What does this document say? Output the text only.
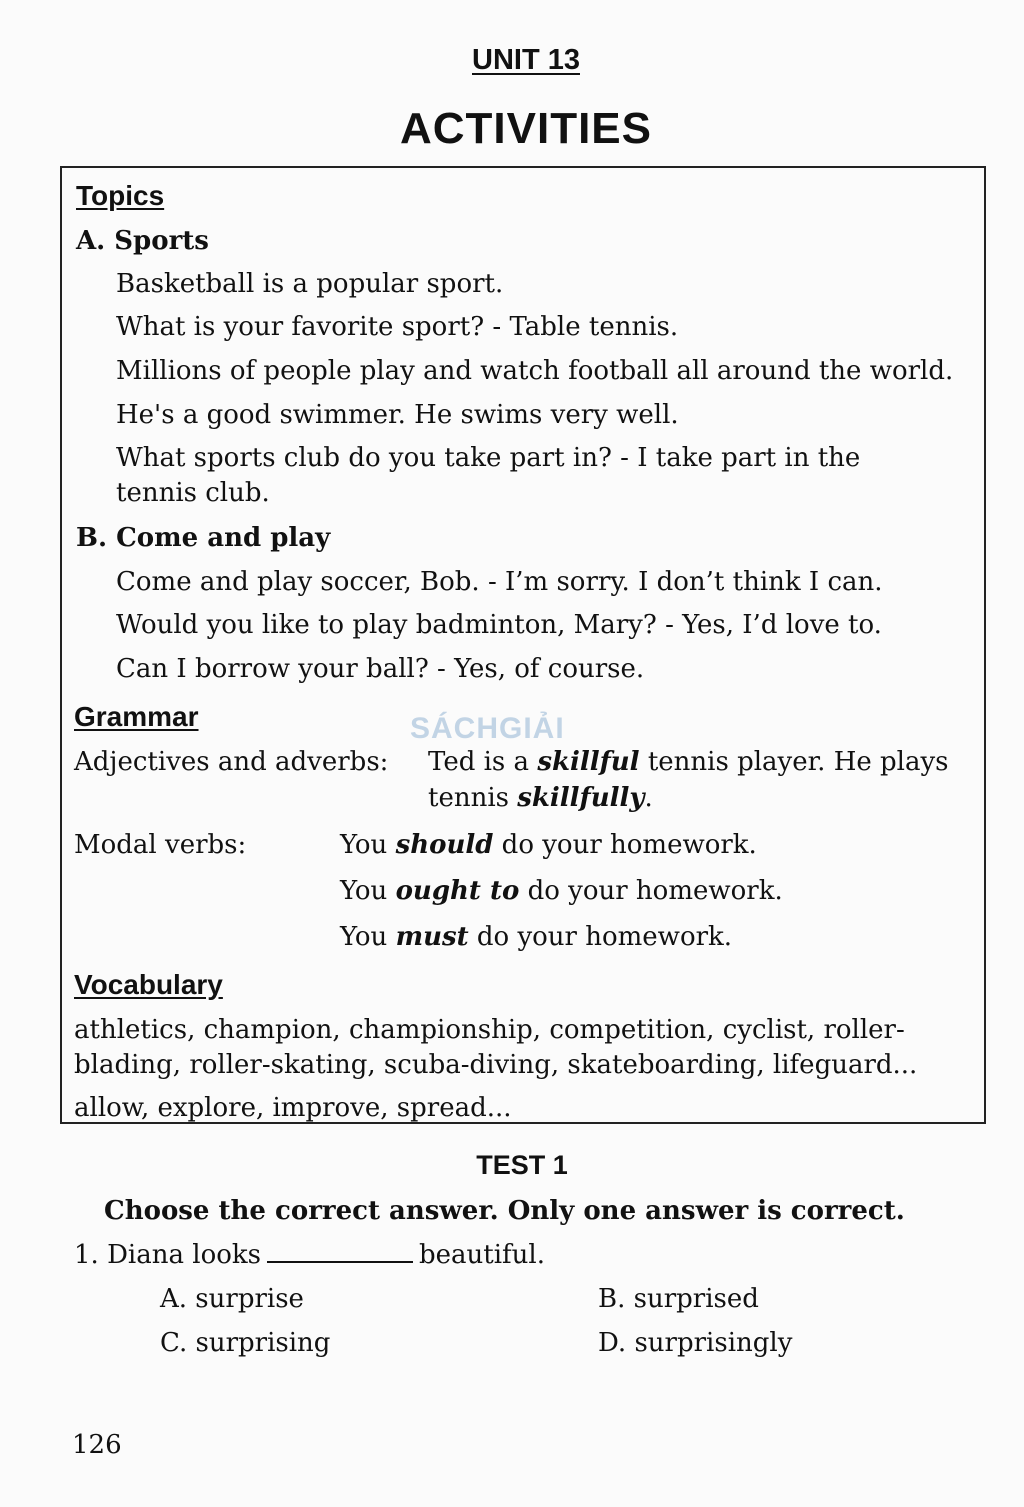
UNIT 13
ACTIVITIES
SÁCHGIẢI
Topics
A. Sports
Basketball is a popular sport.
What is your favorite sport? - Table tennis.
Millions of people play and watch football all around the world.
He's a good swimmer. He swims very well.
What sports club do you take part in? - I take part in the
tennis club.
B. Come and play
Come and play soccer, Bob. - I’m sorry. I don’t think I can.
Would you like to play badminton, Mary? - Yes, I’d love to.
Can I borrow your ball? - Yes, of course.
Grammar
Adjectives and adverbs: Ted is a skillful tennis player. He plays
tennis skillfully.
Modal verbs:	You should do your homework.
You ought to do your homework.
You must do your homework.
Vocabulary
athletics, champion, championship, competition, cyclist, roller-
blading, roller-skating, scuba-diving, skateboarding, lifeguard...
allow, explore, improve, spread...
TEST 1
Choose the correct answer. Only one answer is correct.
1. Diana looks	beautiful.
A. surprise	B. surprised
C. surprising	D. surprisingly
126
